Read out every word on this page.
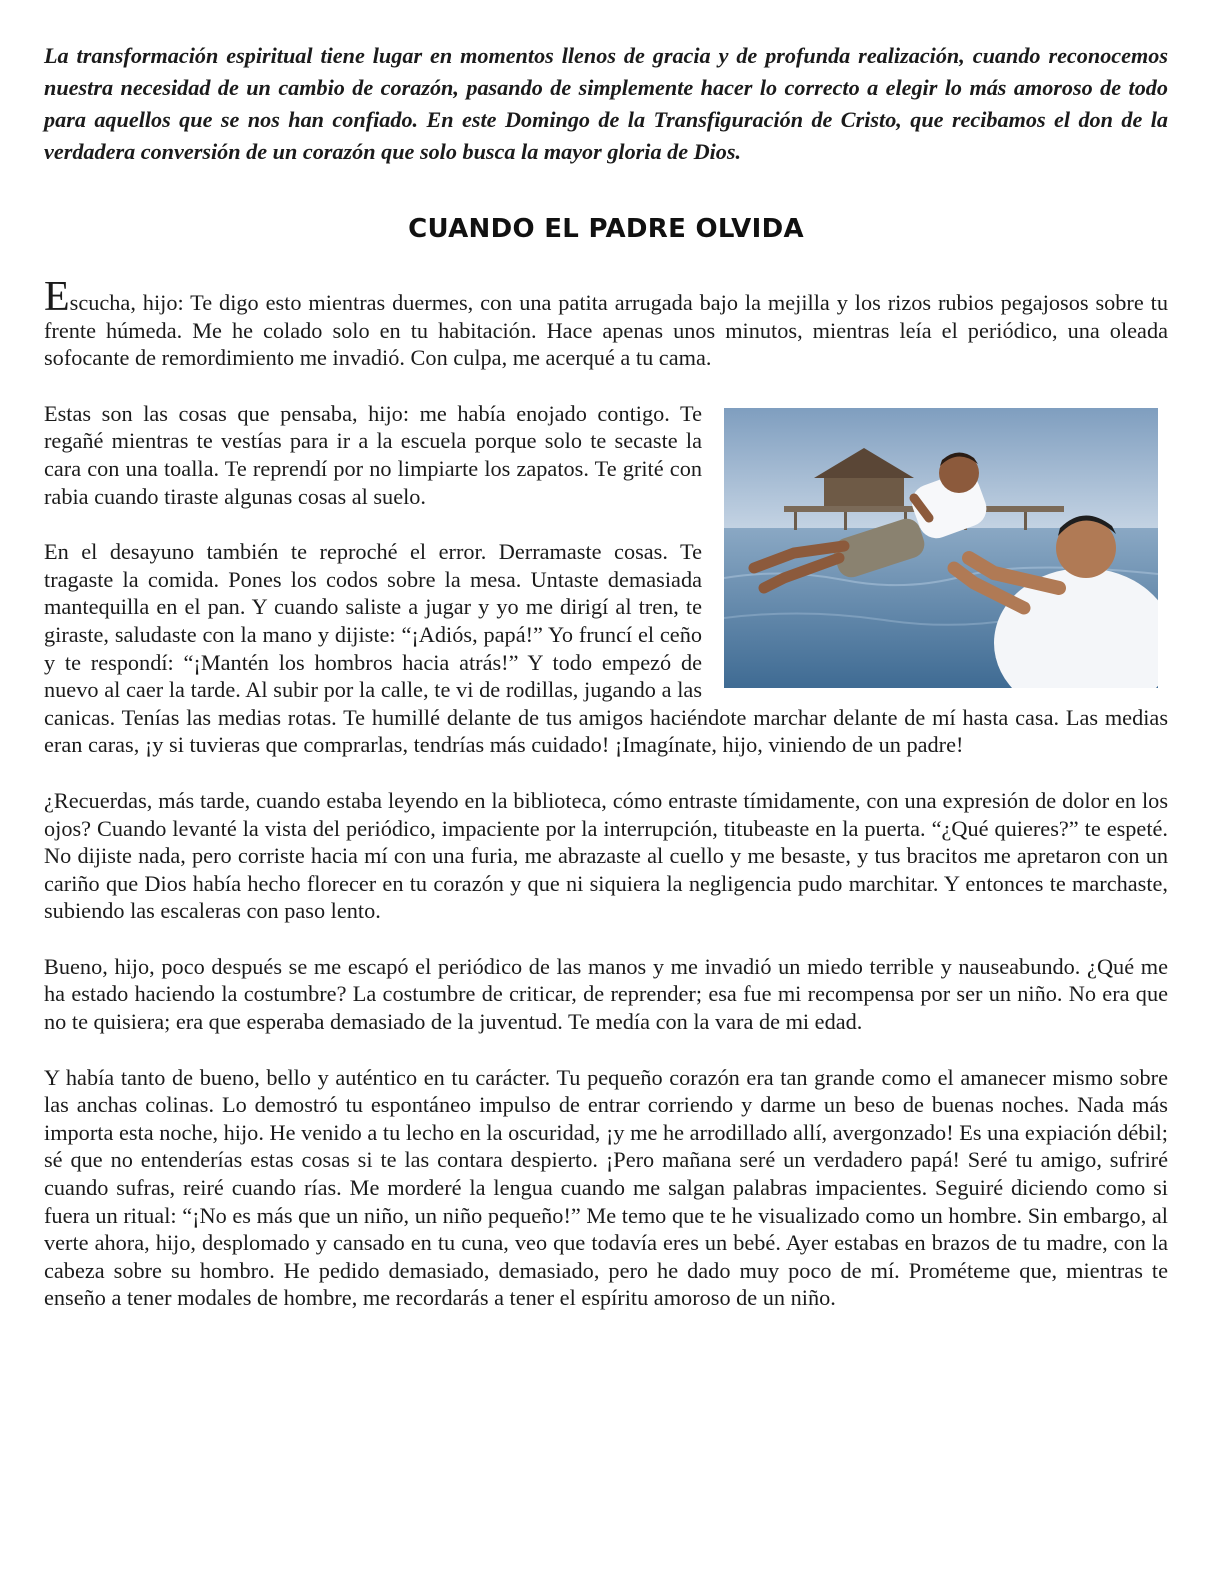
La transformación espiritual tiene lugar en momentos llenos de gracia y de profunda realización, cuando reconocemos nuestra necesidad de un cambio de corazón, pasando de simplemente hacer lo correcto a elegir lo más amoroso de todo para aquellos que se nos han confiado. En este Domingo de la Transfiguración de Cristo, que recibamos el don de la verdadera conversión de un corazón que solo busca la mayor gloria de Dios.

CUANDO EL PADRE OLVIDA

Escucha, hijo: Te digo esto mientras duermes, con una patita arrugada bajo la mejilla y los rizos rubios pegajosos sobre tu frente húmeda. Me he colado solo en tu habitación. Hace apenas unos minutos, mientras leía el periódico, una oleada sofocante de remordimiento me invadió. Con culpa, me acerqué a tu cama.

Estas son las cosas que pensaba, hijo: me había enojado contigo. Te regañé mientras te vestías para ir a la escuela porque solo te secaste la cara con una toalla. Te reprendí por no limpiarte los zapatos. Te grité con rabia cuando tiraste algunas cosas al suelo.

En el desayuno también te reproché el error. Derramaste cosas. Te tragaste la comida. Pones los codos sobre la mesa. Untaste demasiada mantequilla en el pan. Y cuando saliste a jugar y yo me dirigí al tren, te giraste, saludaste con la mano y dijiste: “¡Adiós, papá!” Yo fruncí el ceño y te respondí: “¡Mantén los hombros hacia atrás!” Y todo empezó de nuevo al caer la tarde. Al subir por la calle, te vi de rodillas, jugando a las canicas. Tenías las medias rotas. Te humillé delante de tus amigos haciéndote marchar delante de mí hasta casa. Las medias eran caras, ¡y si tuvieras que comprarlas, tendrías más cuidado! ¡Imagínate, hijo, viniendo de un padre!

¿Recuerdas, más tarde, cuando estaba leyendo en la biblioteca, cómo entraste tímidamente, con una expresión de dolor en los ojos? Cuando levanté la vista del periódico, impaciente por la interrupción, titubeaste en la puerta. “¿Qué quieres?” te espeté. No dijiste nada, pero corriste hacia mí con una furia, me abrazaste al cuello y me besaste, y tus bracitos me apretaron con un cariño que Dios había hecho florecer en tu corazón y que ni siquiera la negligencia pudo marchitar. Y entonces te marchaste, subiendo las escaleras con paso lento.

Bueno, hijo, poco después se me escapó el periódico de las manos y me invadió un miedo terrible y nauseabundo. ¿Qué me ha estado haciendo la costumbre? La costumbre de criticar, de reprender; esa fue mi recompensa por ser un niño. No era que no te quisiera; era que esperaba demasiado de la juventud. Te medía con la vara de mi edad.

Y había tanto de bueno, bello y auténtico en tu carácter. Tu pequeño corazón era tan grande como el amanecer mismo sobre las anchas colinas. Lo demostró tu espontáneo impulso de entrar corriendo y darme un beso de buenas noches. Nada más importa esta noche, hijo. He venido a tu lecho en la oscuridad, ¡y me he arrodillado allí, avergonzado! Es una expiación débil; sé que no entenderías estas cosas si te las contara despierto. ¡Pero mañana seré un verdadero papá! Seré tu amigo, sufriré cuando sufras, reiré cuando rías. Me morderé la lengua cuando me salgan palabras impacientes. Seguiré diciendo como si fuera un ritual: “¡No es más que un niño, un niño pequeño!” Me temo que te he visualizado como un hombre. Sin embargo, al verte ahora, hijo, desplomado y cansado en tu cuna, veo que todavía eres un bebé. Ayer estabas en brazos de tu madre, con la cabeza sobre su hombro. He pedido demasiado, demasiado, pero he dado muy poco de mí. Prométeme que, mientras te enseño a tener modales de hombre, me recordarás a tener el espíritu amoroso de un niño.
